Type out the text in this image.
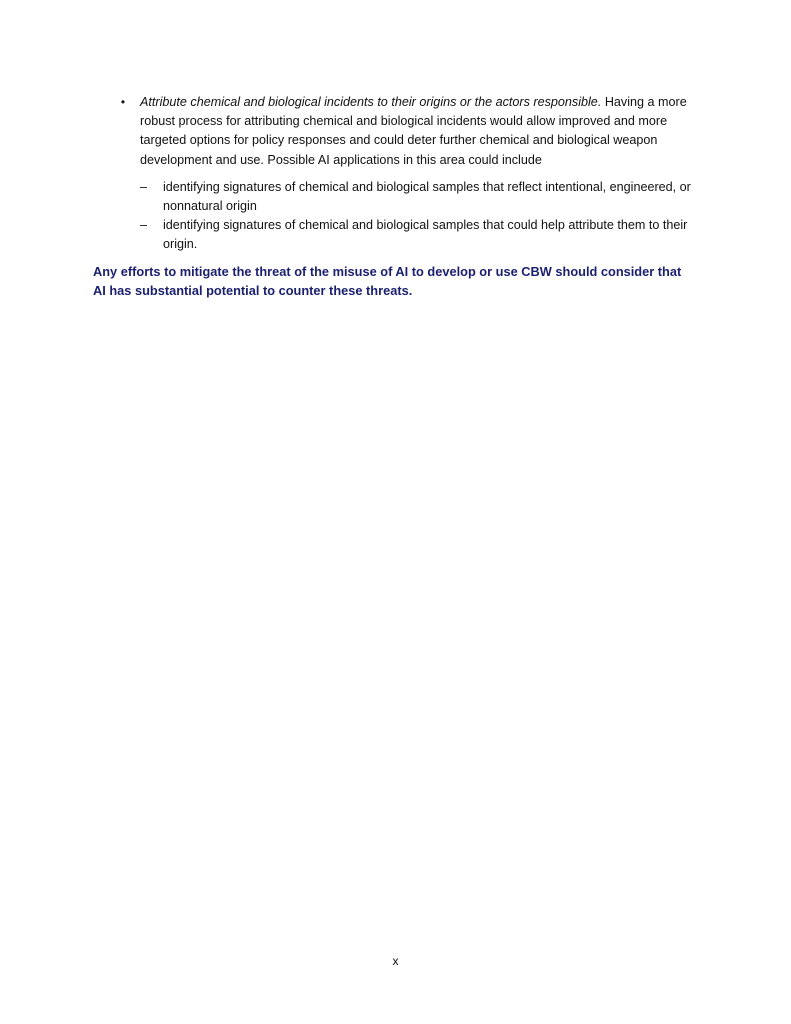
• Attribute chemical and biological incidents to their origins or the actors responsible. Having a more robust process for attributing chemical and biological incidents would allow improved and more targeted options for policy responses and could deter further chemical and biological weapon development and use. Possible AI applications in this area could include
–	identifying signatures of chemical and biological samples that reflect intentional, engineered, or nonnatural origin
–	identifying signatures of chemical and biological samples that could help attribute them to their origin.
Any efforts to mitigate the threat of the misuse of AI to develop or use CBW should consider that AI has substantial potential to counter these threats.
x
